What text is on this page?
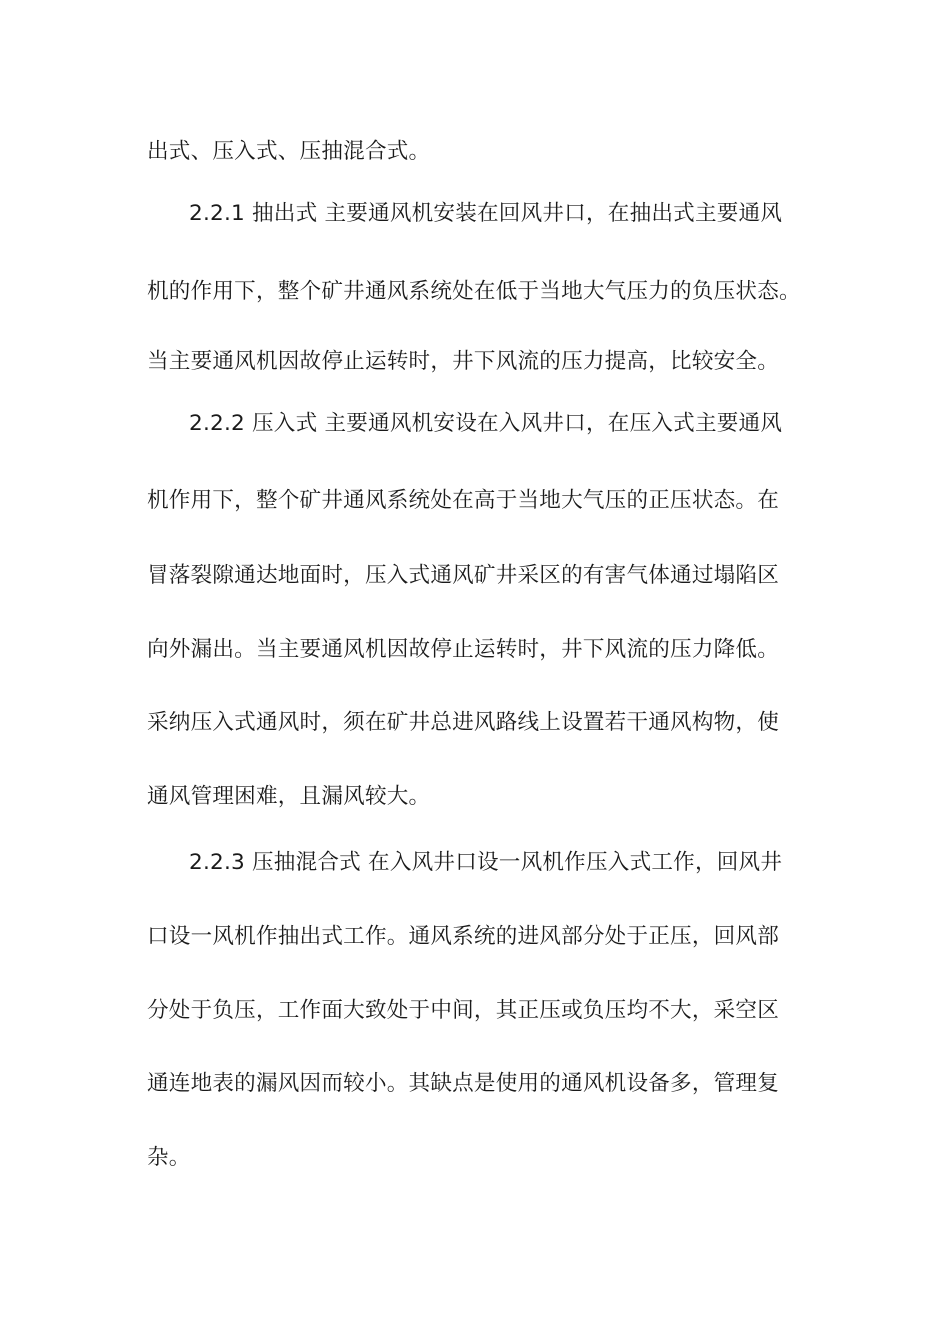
出式、压入式、压抽混合式。
2.2.1 抽出式 主要通风机安装在回风井口，在抽出式主要通风
机的作用下，整个矿井通风系统处在低于当地大气压力的负压状态。
当主要通风机因故停止运转时，井下风流的压力提高，比较安全。
2.2.2 压入式 主要通风机安设在入风井口，在压入式主要通风
机作用下，整个矿井通风系统处在高于当地大气压的正压状态。在
冒落裂隙通达地面时，压入式通风矿井采区的有害气体通过塌陷区
向外漏出。当主要通风机因故停止运转时，井下风流的压力降低。
采纳压入式通风时，须在矿井总进风路线上设置若干通风构物，使
通风管理困难，且漏风较大。
2.2.3 压抽混合式 在入风井口设一风机作压入式工作，回风井
口设一风机作抽出式工作。通风系统的进风部分处于正压，回风部
分处于负压，工作面大致处于中间，其正压或负压均不大，采空区
通连地表的漏风因而较小。其缺点是使用的通风机设备多，管理复
杂。
